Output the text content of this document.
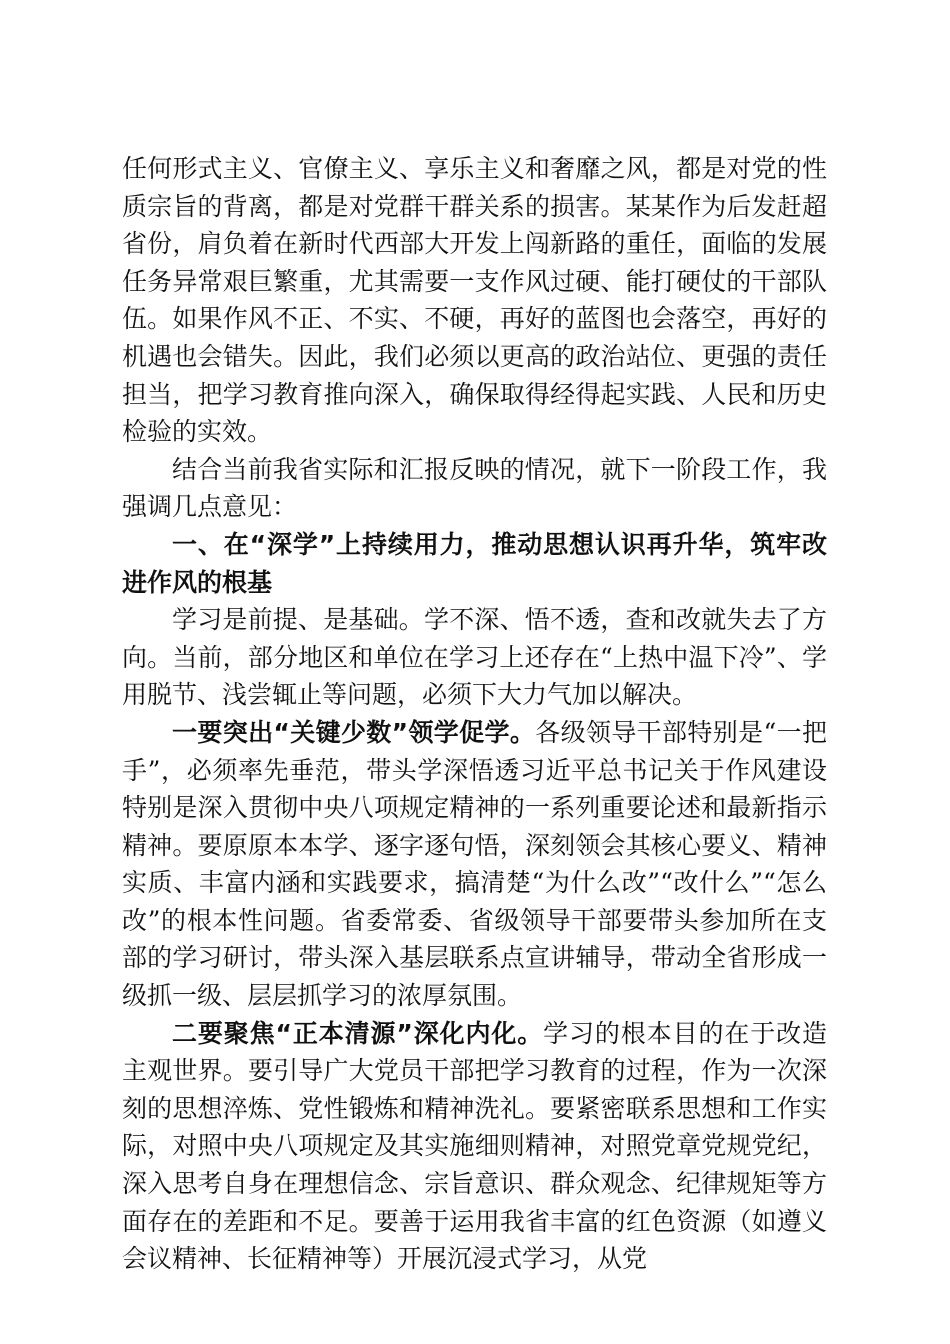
任何形式主义、官僚主义、享乐主义和奢靡之风，都是对党的性质宗旨的背离，都是对党群干群关系的损害。某某作为后发赶超省份，肩负着在新时代西部大开发上闯新路的重任，面临的发展任务异常艰巨繁重，尤其需要一支作风过硬、能打硬仗的干部队伍。如果作风不正、不实、不硬，再好的蓝图也会落空，再好的机遇也会错失。因此，我们必须以更高的政治站位、更强的责任担当，把学习教育推向深入，确保取得经得起实践、人民和历史检验的实效。

结合当前我省实际和汇报反映的情况，就下一阶段工作，我强调几点意见：

一、在“深学”上持续用力，推动思想认识再升华，筑牢改进作风的根基

学习是前提、是基础。学不深、悟不透，查和改就失去了方向。当前，部分地区和单位在学习上还存在“上热中温下冷”、学用脱节、浅尝辄止等问题，必须下大力气加以解决。

一要突出“关键少数”领学促学。各级领导干部特别是“一把手”，必须率先垂范，带头学深悟透习近平总书记关于作风建设特别是深入贯彻中央八项规定精神的一系列重要论述和最新指示精神。要原原本本学、逐字逐句悟，深刻领会其核心要义、精神实质、丰富内涵和实践要求，搞清楚“为什么改”“改什么”“怎么改”的根本性问题。省委常委、省级领导干部要带头参加所在支部的学习研讨，带头深入基层联系点宣讲辅导，带动全省形成一级抓一级、层层抓学习的浓厚氛围。

二要聚焦“正本清源”深化内化。学习的根本目的在于改造主观世界。要引导广大党员干部把学习教育的过程，作为一次深刻的思想淬炼、党性锻炼和精神洗礼。要紧密联系思想和工作实际，对照中央八项规定及其实施细则精神，对照党章党规党纪，深入思考自身在理想信念、宗旨意识、群众观念、纪律规矩等方面存在的差距和不足。要善于运用我省丰富的红色资源（如遵义会议精神、长征精神等）开展沉浸式学习，从党
